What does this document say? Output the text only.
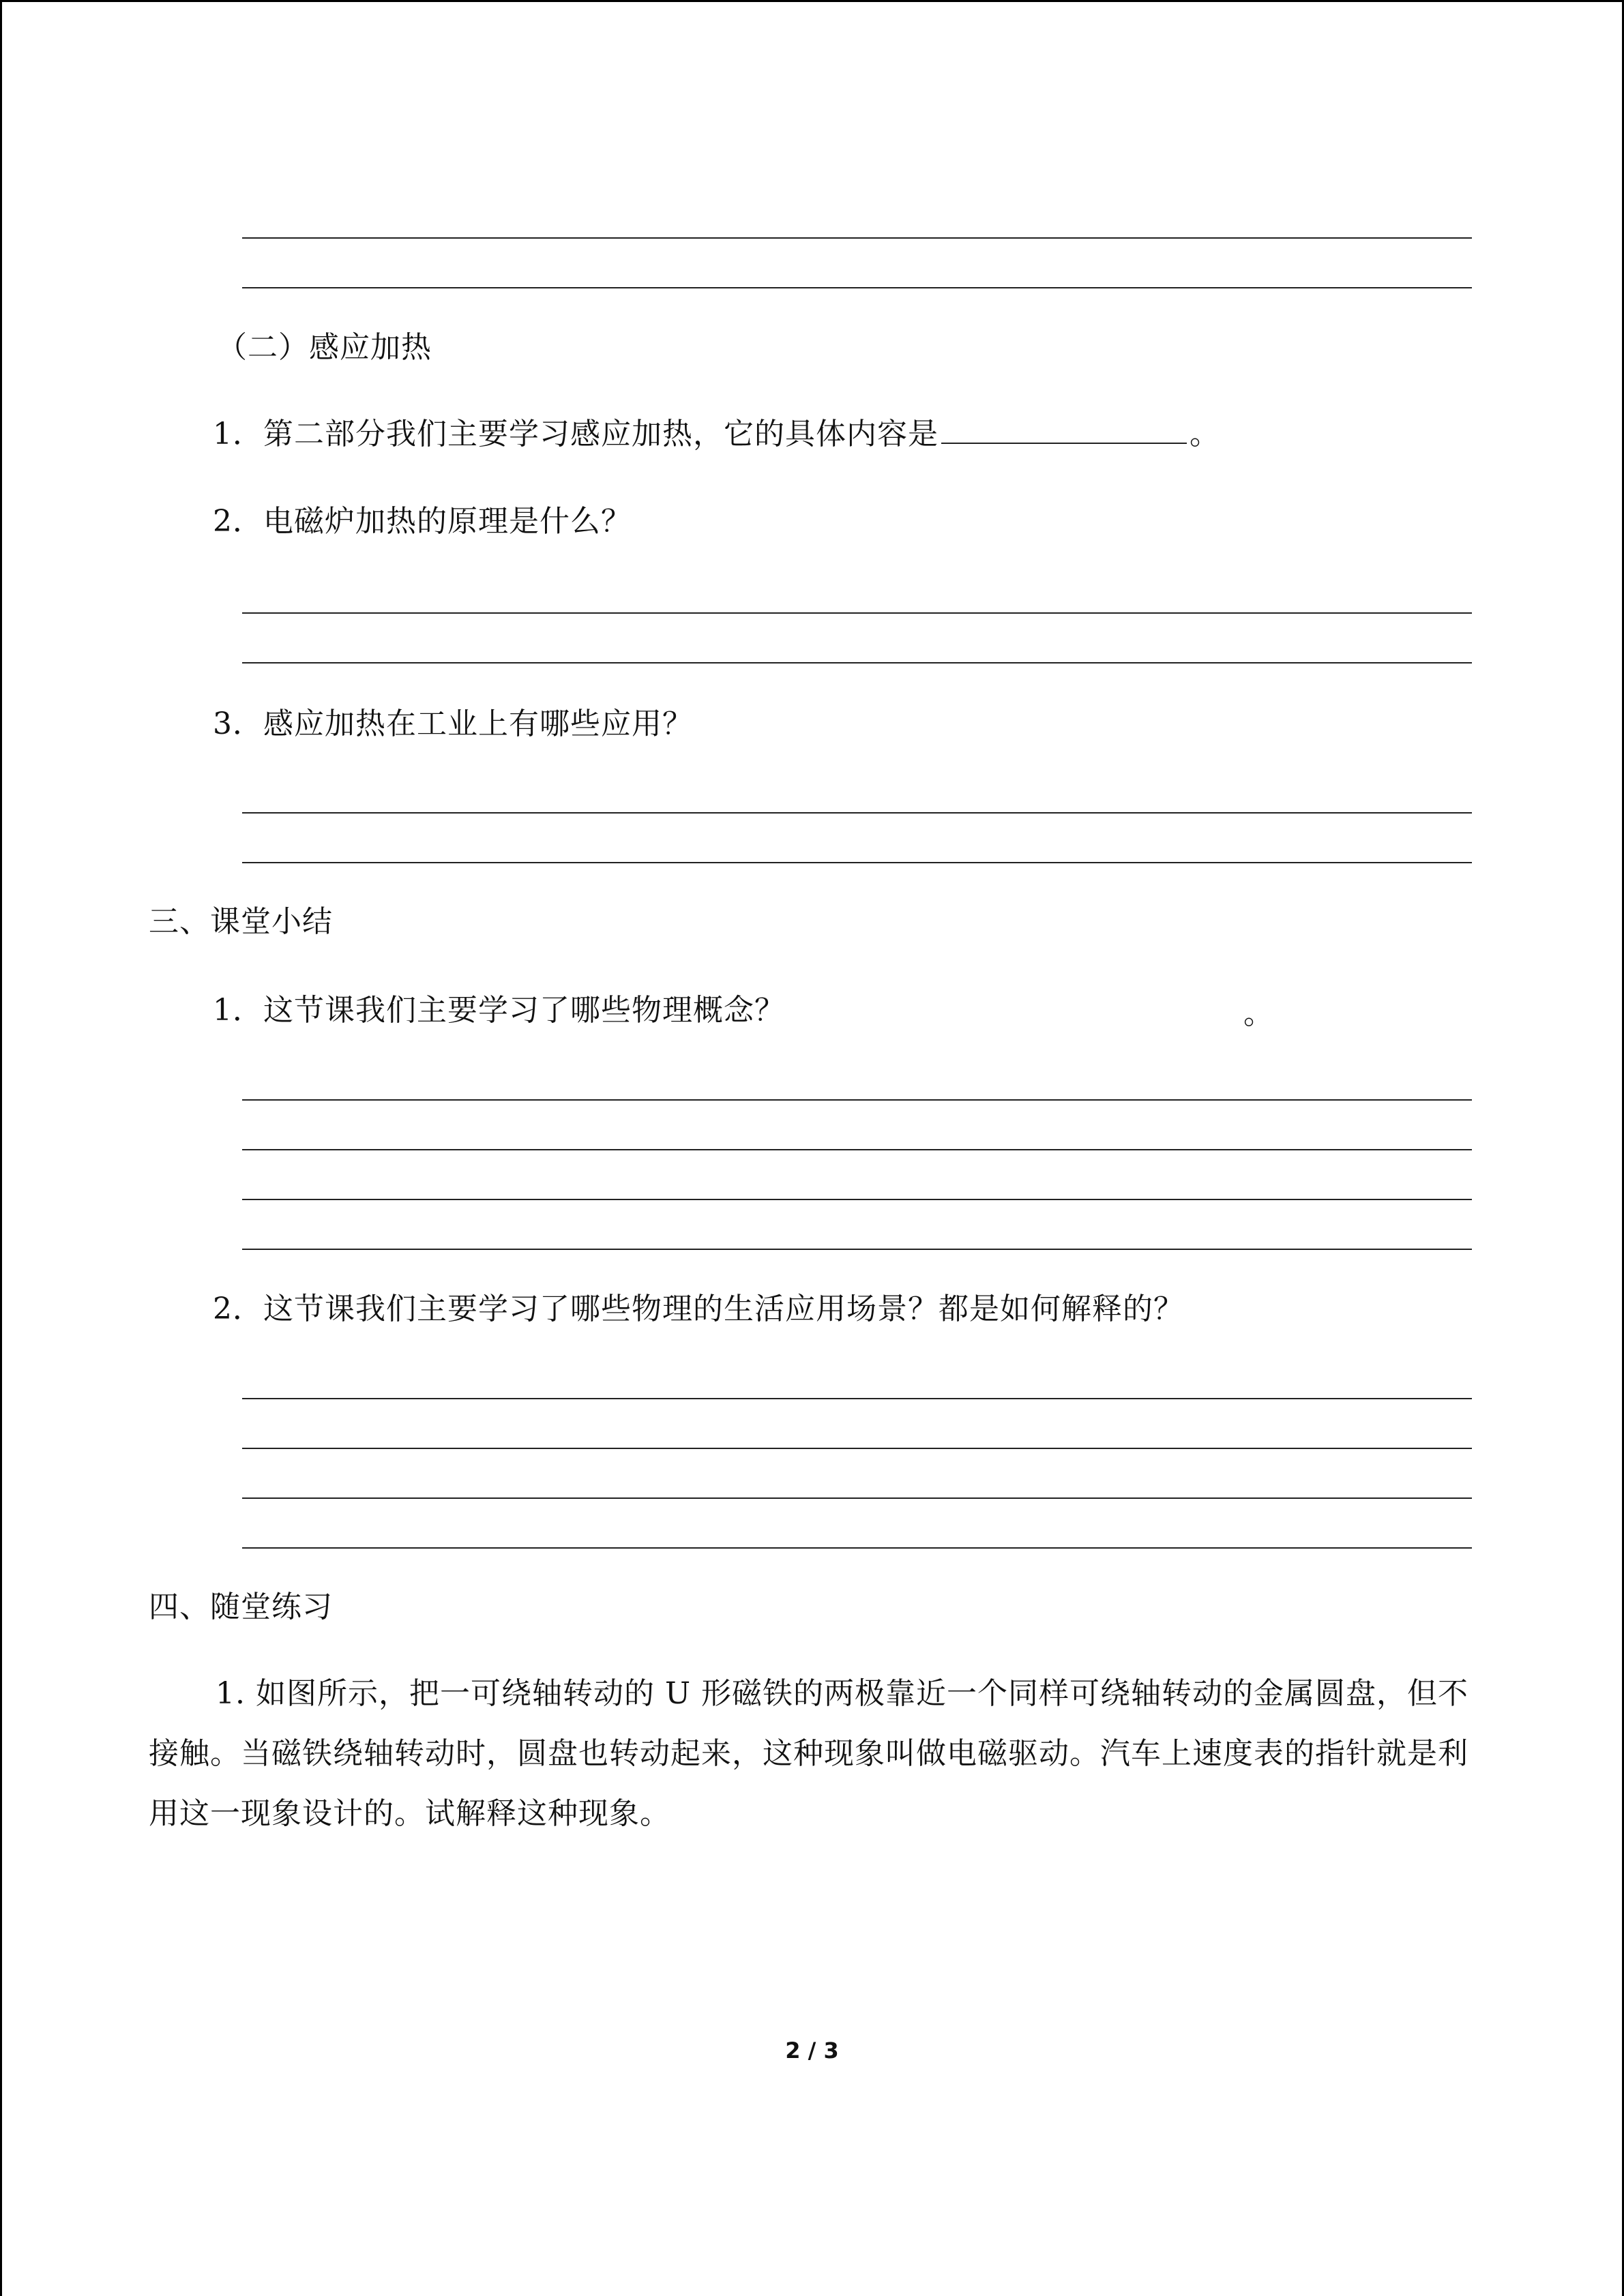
（二）感应加热
1．第二部分我们主要学习感应加热，它的具体内容是	。
2．电磁炉加热的原理是什么？
3．感应加热在工业上有哪些应用？
三、课堂小结
1．这节课我们主要学习了哪些物理概念？	。
2．这节课我们主要学习了哪些物理的生活应用场景？都是如何解释的？
四、随堂练习
1. 如图所示，把一可绕轴转动的 U 形磁铁的两极靠近一个同样可绕轴转动的金属圆盘，但不接触。当磁铁绕轴转动时，圆盘也转动起来，这种现象叫做电磁驱动。汽车上速度表的指针就是利用这一现象设计的。试解释这种现象。
2 / 3
